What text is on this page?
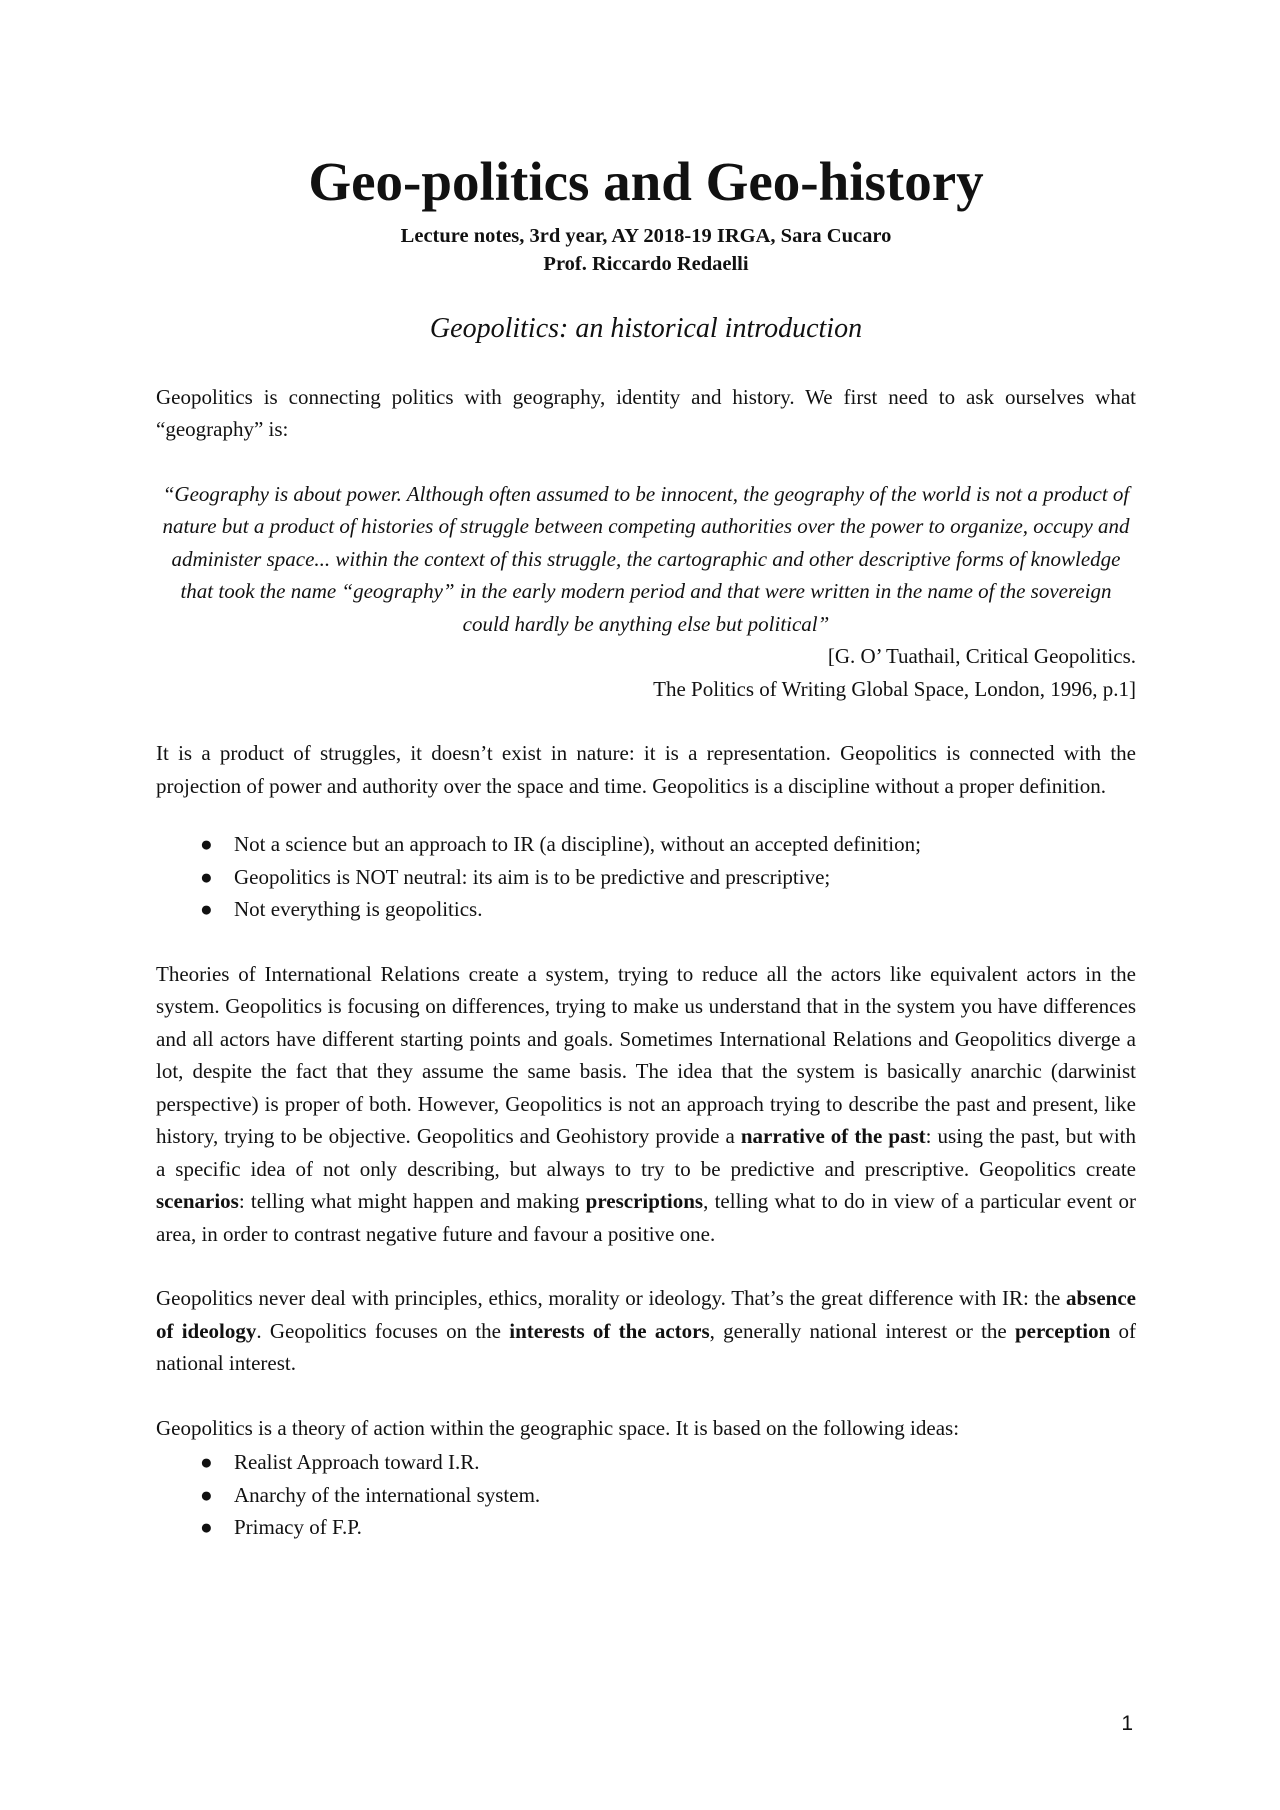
Geo-politics and Geo-history
Lecture notes, 3rd year, AY 2018-19 IRGA, Sara Cucaro
Prof. Riccardo Redaelli
Geopolitics: an historical introduction

Geopolitics is connecting politics with geography, identity and history. We first need to ask ourselves what “geography” is:

“Geography is about power. Although often assumed to be innocent, the geography of the world is not a product of nature but a product of histories of struggle between competing authorities over the power to organize, occupy and administer space... within the context of this struggle, the cartographic and other descriptive forms of knowledge that took the name “geography” in the early modern period and that were written in the name of the sovereign could hardly be anything else but political”
[G. O’ Tuathail, Critical Geopolitics.
The Politics of Writing Global Space, London, 1996, p.1]

It is a product of struggles, it doesn’t exist in nature: it is a representation. Geopolitics is connected with the projection of power and authority over the space and time. Geopolitics is a discipline without a proper definition.

● Not a science but an approach to IR (a discipline), without an accepted definition;
● Geopolitics is NOT neutral: its aim is to be predictive and prescriptive;
● Not everything is geopolitics.

Theories of International Relations create a system, trying to reduce all the actors like equivalent actors in the system. Geopolitics is focusing on differences, trying to make us understand that in the system you have differences and all actors have different starting points and goals. Sometimes International Relations and Geopolitics diverge a lot, despite the fact that they assume the same basis. The idea that the system is basically anarchic (darwinist perspective) is proper of both. However, Geopolitics is not an approach trying to describe the past and present, like history, trying to be objective. Geopolitics and Geohistory provide a narrative of the past: using the past, but with a specific idea of not only describing, but always to try to be predictive and prescriptive. Geopolitics create scenarios: telling what might happen and making prescriptions, telling what to do in view of a particular event or area, in order to contrast negative future and favour a positive one.

Geopolitics never deal with principles, ethics, morality or ideology. That’s the great difference with IR: the absence of ideology. Geopolitics focuses on the interests of the actors, generally national interest or the perception of national interest.

Geopolitics is a theory of action within the geographic space. It is based on the following ideas:

● Realist Approach toward I.R.
● Anarchy of the international system.
● Primacy of F.P.
1
